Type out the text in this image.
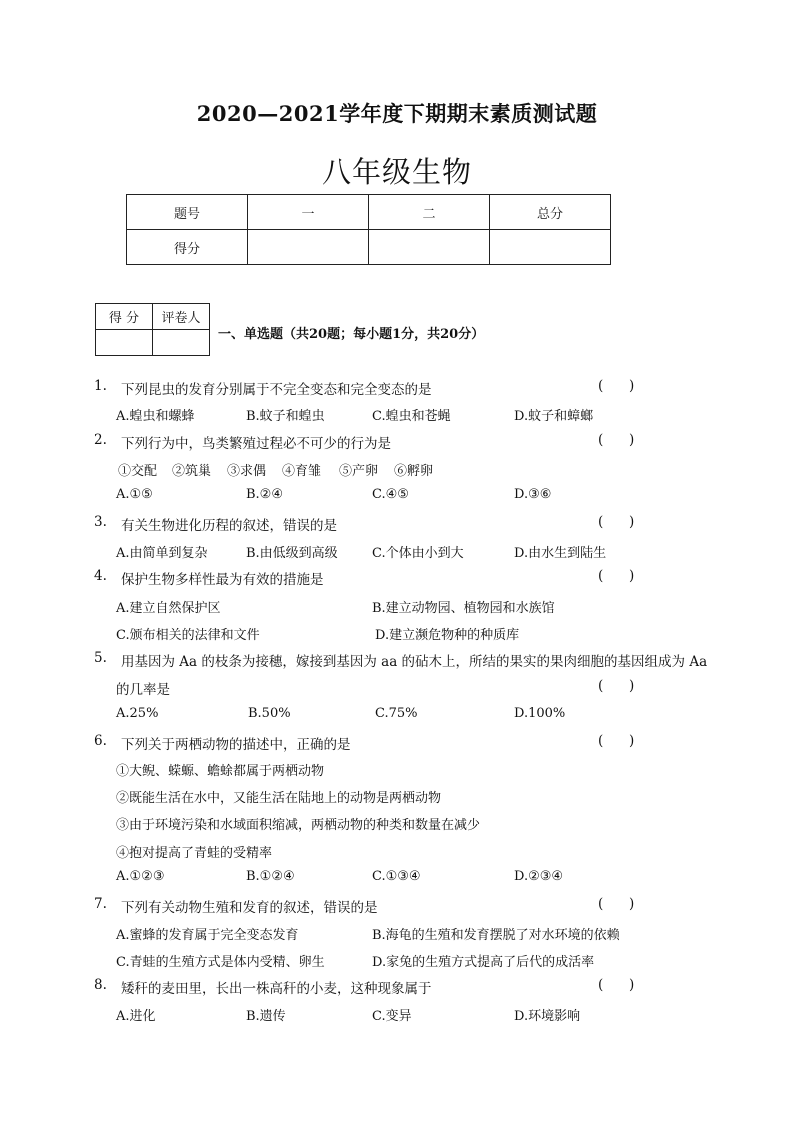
2020—2021学年度下期期末素质测试题
八年级生物
题号	一	二	总分
得分			
得 分	评卷人

一、单选题（共20题；每小题1分，共20分）
1. 下列昆虫的发育分别属于不完全变态和完全变态的是	(      )
A.蝗虫和螺蜂	B.蚊子和蝗虫	C.蝗虫和苍蝇	D.蚊子和蟑螂
2. 下列行为中，鸟类繁殖过程必不可少的行为是	(      )
①交配 ②筑巢 ③求偶 ④育雏 ⑤产卵 ⑥孵卵
A.①⑤	B.②④	C.④⑤	D.③⑥
3. 有关生物进化历程的叙述，错误的是	(      )
A.由简单到复杂	B.由低级到高级	C.个体由小到大	D.由水生到陆生
4. 保护生物多样性最为有效的措施是	(      )
A.建立自然保护区	B.建立动物园、植物园和水族馆
C.颁布相关的法律和文件	D.建立濒危物种的种质库
5. 用基因为 Aa 的枝条为接穗，嫁接到基因为 aa 的砧木上，所结的果实的果肉细胞的基因组成为 Aa
的几率是	(      )
A.25%	B.50%	C.75%	D.100%
6. 下列关于两栖动物的描述中，正确的是	(      )
①大鲵、蝾螈、蟾蜍都属于两栖动物
②既能生活在水中，又能生活在陆地上的动物是两栖动物
③由于环境污染和水域面积缩减，两栖动物的种类和数量在减少
④抱对提高了青蛙的受精率
A.①②③	B.①②④	C.①③④	D.②③④
7. 下列有关动物生殖和发育的叙述，错误的是	(      )
A.蜜蜂的发育属于完全变态发育	B.海龟的生殖和发育摆脱了对水环境的依赖
C.青蛙的生殖方式是体内受精、卵生	D.家兔的生殖方式提高了后代的成活率
8. 矮秆的麦田里，长出一株高秆的小麦，这种现象属于	(      )
A.进化	B.遗传	C.变异	D.环境影响
